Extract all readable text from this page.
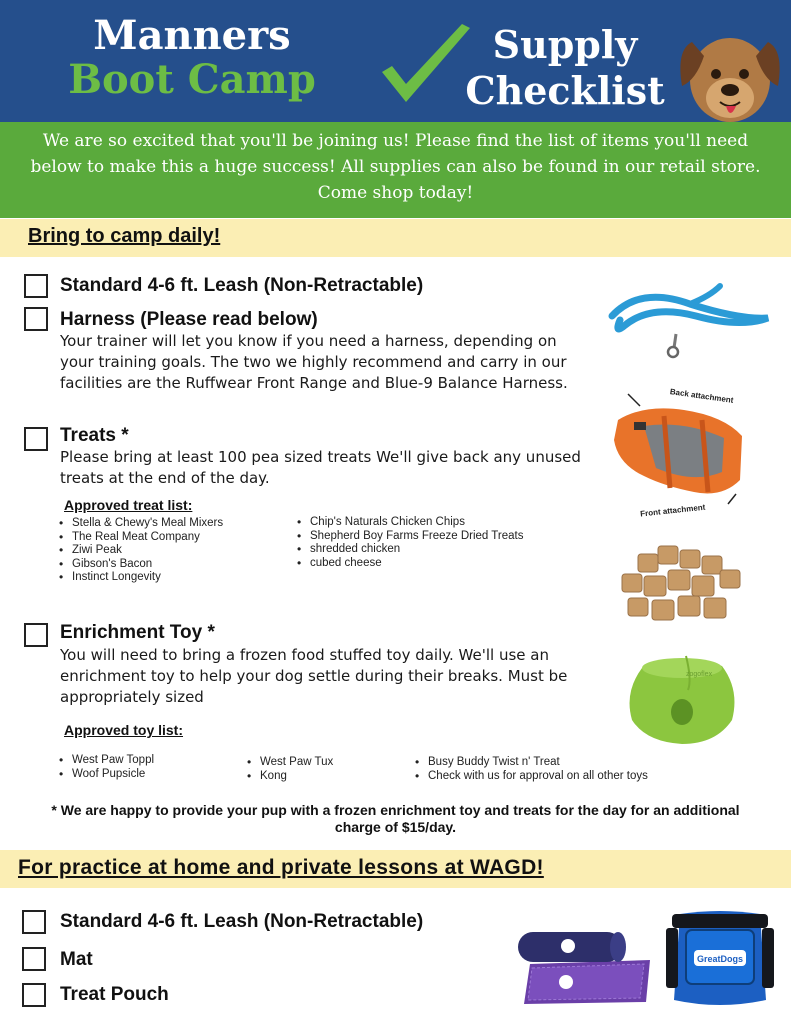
Manners
Boot Camp
Supply
Checklist

We are so excited that you'll be joining us! Please find the list of items you'll need below to make this a huge success! All supplies can also be found in our retail store. Come shop today!

Bring to camp daily!
Standard 4-6 ft. Leash (Non-Retractable)
Harness (Please read below)
Your trainer will let you know if you need a harness, depending on your training goals. The two we highly recommend and carry in our facilities are the Ruffwear Front Range and Blue-9 Balance Harness.
Treats *
Please bring at least 100 pea sized treats We'll give back any unused treats at the end of the day.
Approved treat list:
• Stella & Chewy's Meal Mixers
• The Real Meat Company
• Ziwi Peak
• Gibson's Bacon
• Instinct Longevity
• Chip's Naturals Chicken Chips
• Shepherd Boy Farms Freeze Dried Treats
• shredded chicken
• cubed cheese
Enrichment Toy *
You will need to bring a frozen food stuffed toy daily. We'll use an enrichment toy to help your dog settle during their breaks. Must be appropriately sized
Approved toy list:
• West Paw Toppl
• Woof Pupsicle
• West Paw Tux
• Kong
• Busy Buddy Twist n' Treat
• Check with us for approval on all other toys
* We are happy to provide your pup with a frozen enrichment toy and treats for the day for an additional charge of $15/day.
For practice at home and private lessons at WAGD!
Standard 4-6 ft. Leash (Non-Retractable)
Mat
Treat Pouch
Back attachment
Front attachment
zogoflex
GreatDogs
